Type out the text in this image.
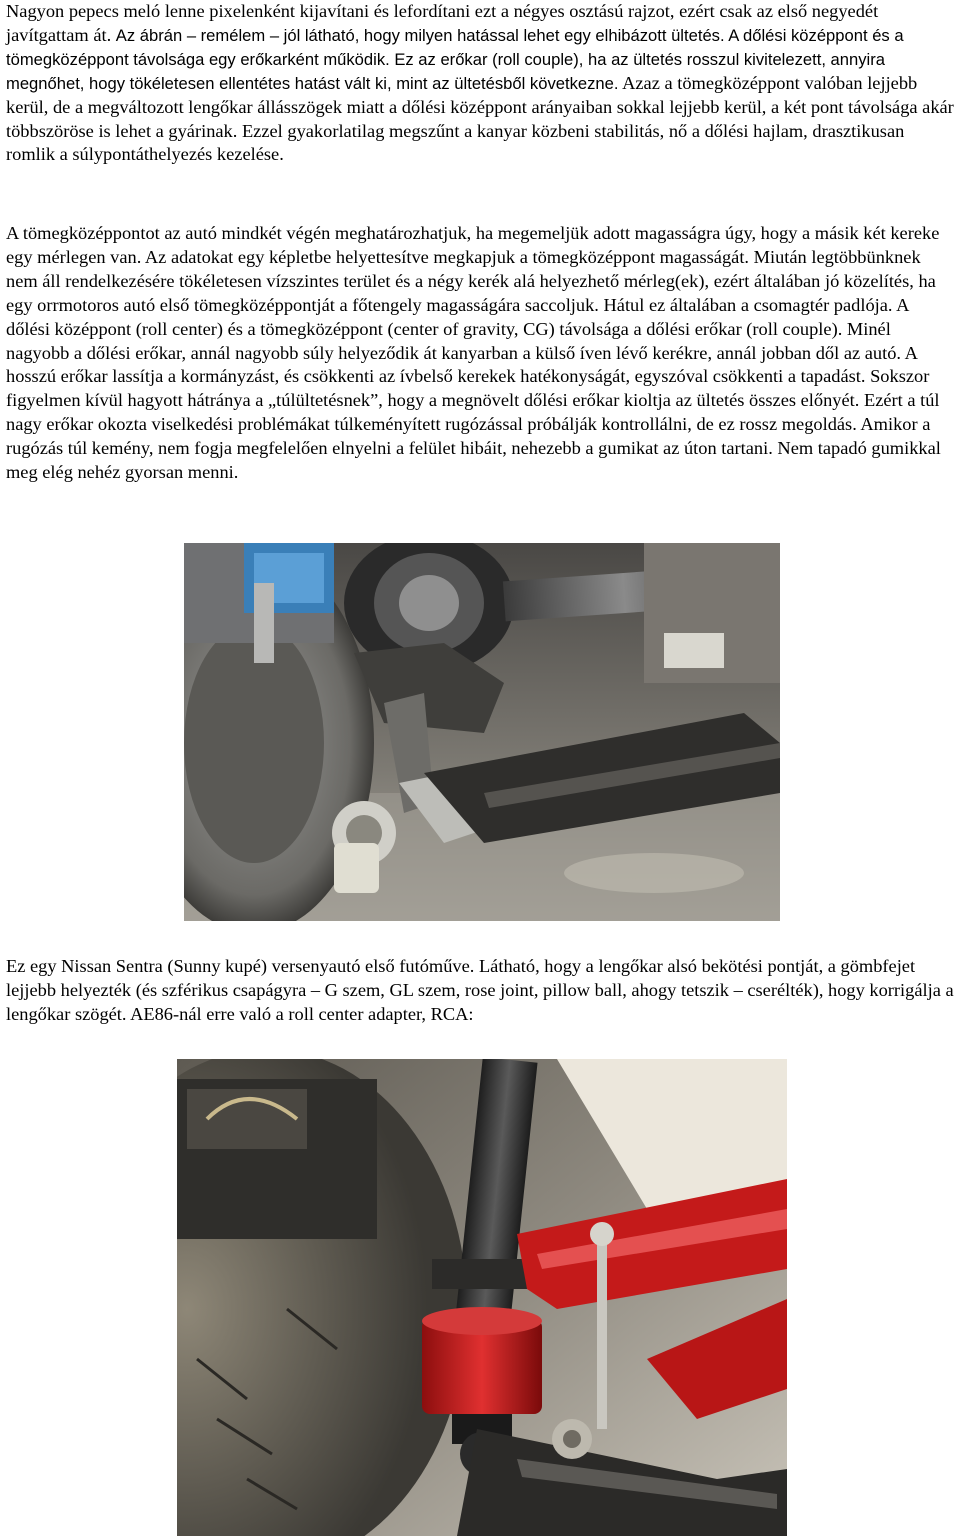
Nagyon pepecs meló lenne pixelenként kijavítani és lefordítani ezt a négyes osztású rajzot, ezért csak az első negyedét javítgattam át. Az ábrán – remélem – jól látható, hogy milyen hatással lehet egy elhibázott ültetés. A dőlési középpont és a tömegközéppont távolsága egy erőkarként működik. Ez az erőkar (roll couple), ha az ültetés rosszul kivitelezett, annyira megnőhet, hogy tökéletesen ellentétes hatást vált ki, mint az ültetésből következne. Azaz a tömegközéppont valóban lejjebb kerül, de a megváltozott lengőkar állásszögek miatt a dőlési középpont arányaiban sokkal lejjebb kerül, a két pont távolsága akár többszöröse is lehet a gyárinak. Ezzel gyakorlatilag megszűnt a kanyar közbeni stabilitás, nő a dőlési hajlam, drasztikusan romlik a súlypontáthelyezés kezelése.

A tömegközéppontot az autó mindkét végén meghatározhatjuk, ha megemeljük adott magasságra úgy, hogy a másik két kereke egy mérlegen van. Az adatokat egy képletbe helyettesítve megkapjuk a tömegközéppont magasságát. Miután legtöbbünknek nem áll rendelkezésére tökéletesen vízszintes terület és a négy kerék alá helyezhető mérleg(ek), ezért általában jó közelítés, ha egy orrmotoros autó első tömegközéppontját a főtengely magasságára saccoljuk. Hátul ez általában a csomagtér padlója. A dőlési középpont (roll center) és a tömegközéppont (center of gravity, CG) távolsága a dőlési erőkar (roll couple). Minél nagyobb a dőlési erőkar, annál nagyobb súly helyeződik át kanyarban a külső íven lévő kerékre, annál jobban dől az autó. A hosszú erőkar lassítja a kormányzást, és csökkenti az ívbelső kerekek hatékonyságát, egyszóval csökkenti a tapadást. Sokszor figyelmen kívül hagyott hátránya a „túlültetésnek”, hogy a megnövelt dőlési erőkar kioltja az ültetés összes előnyét. Ezért a túl nagy erőkar okozta viselkedési problémákat túlkeményített rugózással próbálják kontrollálni, de ez rossz megoldás. Amikor a rugózás túl kemény, nem fogja megfelelően elnyelni a felület hibáit, nehezebb a gumikat az úton tartani. Nem tapadó gumikkal meg elég nehéz gyorsan menni.

Ez egy Nissan Sentra (Sunny kupé) versenyautó első futóműve. Látható, hogy a lengőkar alsó bekötési pontját, a gömbfejet lejjebb helyezték (és szférikus csapágyra – G szem, GL szem, rose joint, pillow ball, ahogy tetszik – cserélték), hogy korrigálja a lengőkar szögét. AE86-nál erre való a roll center adapter, RCA:
